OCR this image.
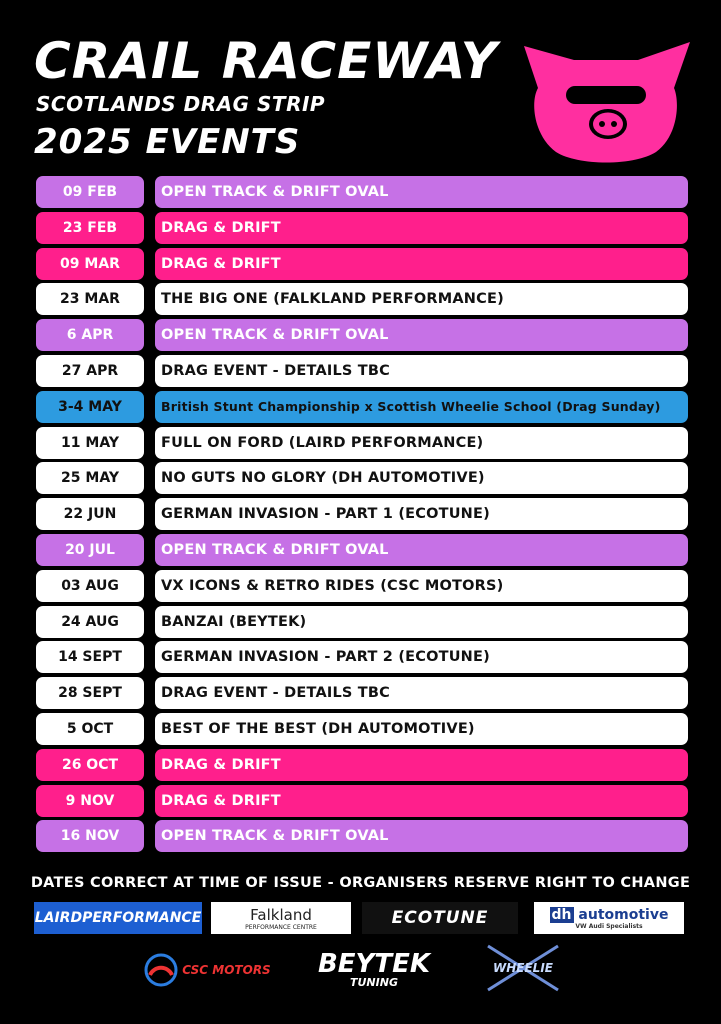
CRAIL RACEWAY
SCOTLANDS DRAG STRIP
2025 EVENTS
09 FEB	OPEN TRACK & DRIFT OVAL
23 FEB	DRAG & DRIFT
09 MAR	DRAG & DRIFT
23 MAR	THE BIG ONE (FALKLAND PERFORMANCE)
6 APR	OPEN TRACK & DRIFT OVAL
27 APR	DRAG EVENT - DETAILS TBC
3-4 MAY	British Stunt Championship x Scottish Wheelie School (Drag Sunday)
11 MAY	FULL ON FORD (LAIRD PERFORMANCE)
25 MAY	NO GUTS NO GLORY (DH AUTOMOTIVE)
22 JUN	GERMAN INVASION - PART 1 (ECOTUNE)
20 JUL	OPEN TRACK & DRIFT OVAL
03 AUG	VX ICONS & RETRO RIDES (CSC MOTORS)
24 AUG	BANZAI (BEYTEK)
14 SEPT	GERMAN INVASION - PART 2 (ECOTUNE)
28 SEPT	DRAG EVENT - DETAILS TBC
5 OCT	BEST OF THE BEST (DH AUTOMOTIVE)
26 OCT	DRAG & DRIFT
9 NOV	DRAG & DRIFT
16 NOV	OPEN TRACK & DRIFT OVAL
DATES CORRECT AT TIME OF ISSUE - ORGANISERS RESERVE RIGHT TO CHANGE
LAIRDPERFORMANCE	Falkland
PERFORMANCE CENTRE	ECOTUNE	dh automotive
VW Audi Specialists
CSC MOTORS BEYTEK
TUNING
WHEELIE
